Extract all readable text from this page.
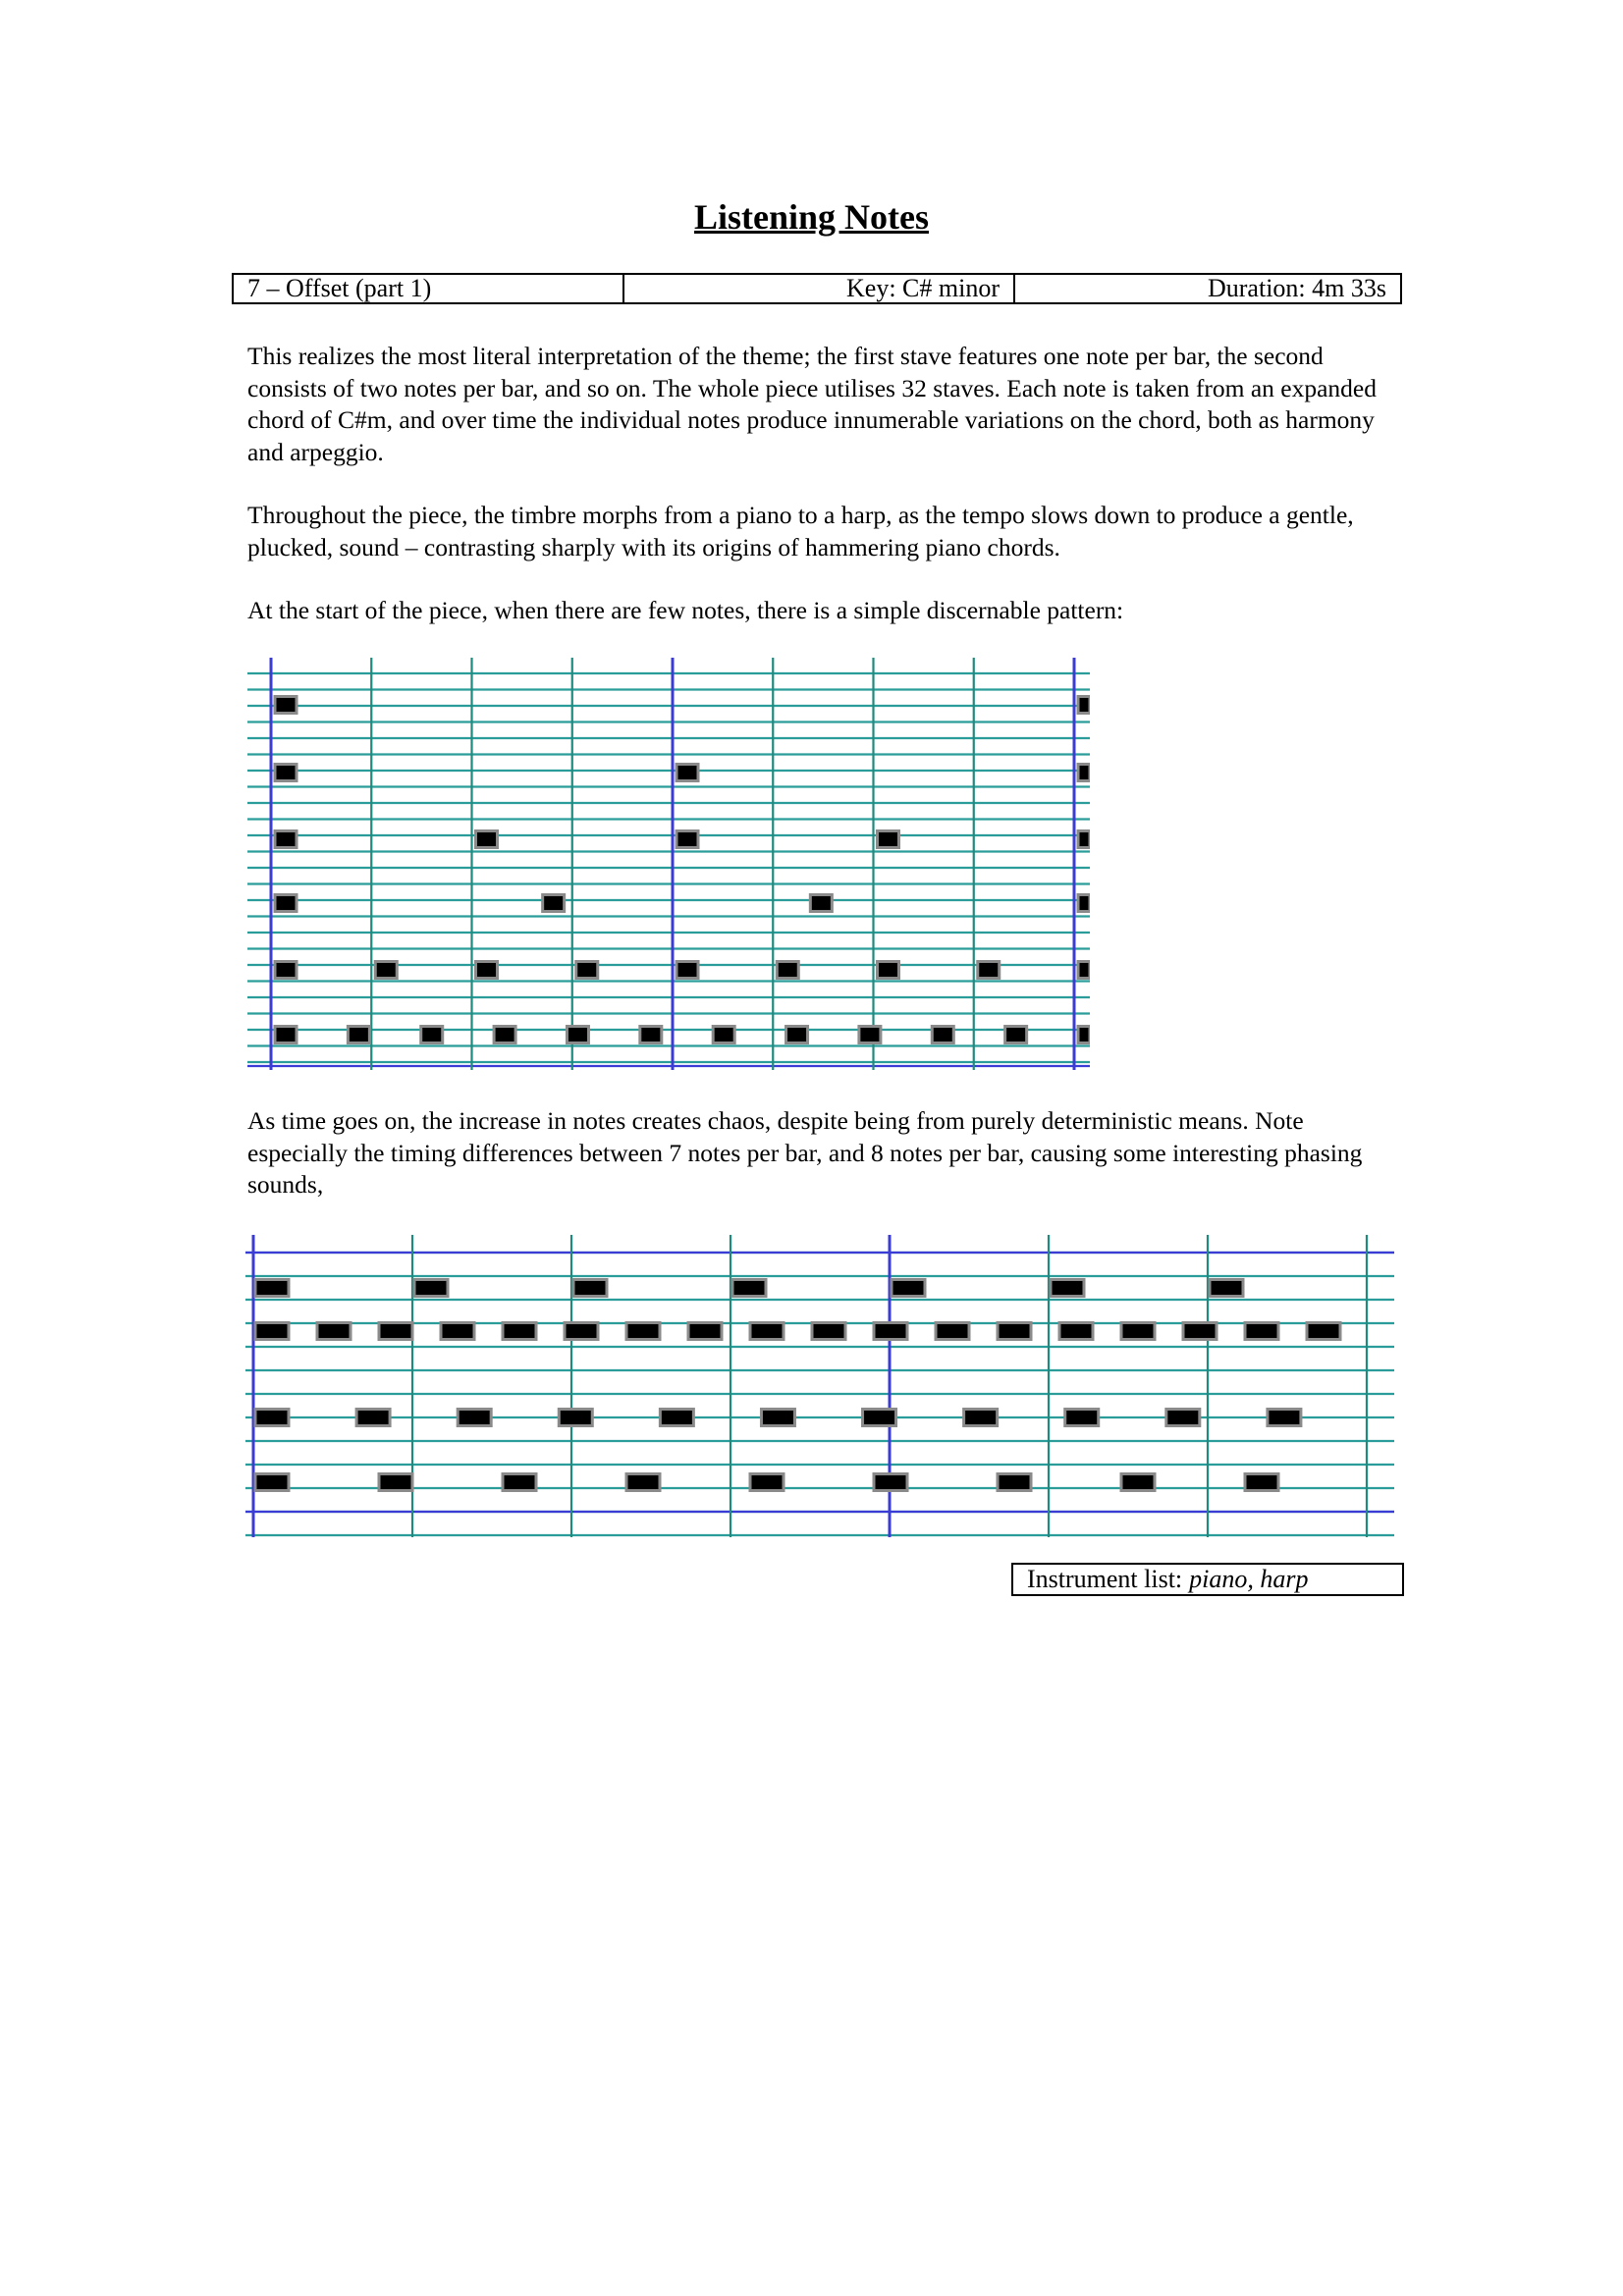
Listening Notes
7 – Offset (part 1)	Key: C# minor	Duration: 4m 33s

This realizes the most literal interpretation of the theme; the first stave features one note per bar, the second consists of two notes per bar, and so on. The whole piece utilises 32 staves. Each note is taken from an expanded chord of C#m, and over time the individual notes produce innumerable variations on the chord, both as harmony and arpeggio.

Throughout the piece, the timbre morphs from a piano to a harp, as the tempo slows down to produce a gentle, plucked, sound – contrasting sharply with its origins of hammering piano chords.

At the start of the piece, when there are few notes, there is a simple discernable pattern:

As time goes on, the increase in notes creates chaos, despite being from purely deterministic means. Note especially the timing differences between 7 notes per bar, and 8 notes per bar, causing some interesting phasing sounds,

Instrument list: piano, harp
